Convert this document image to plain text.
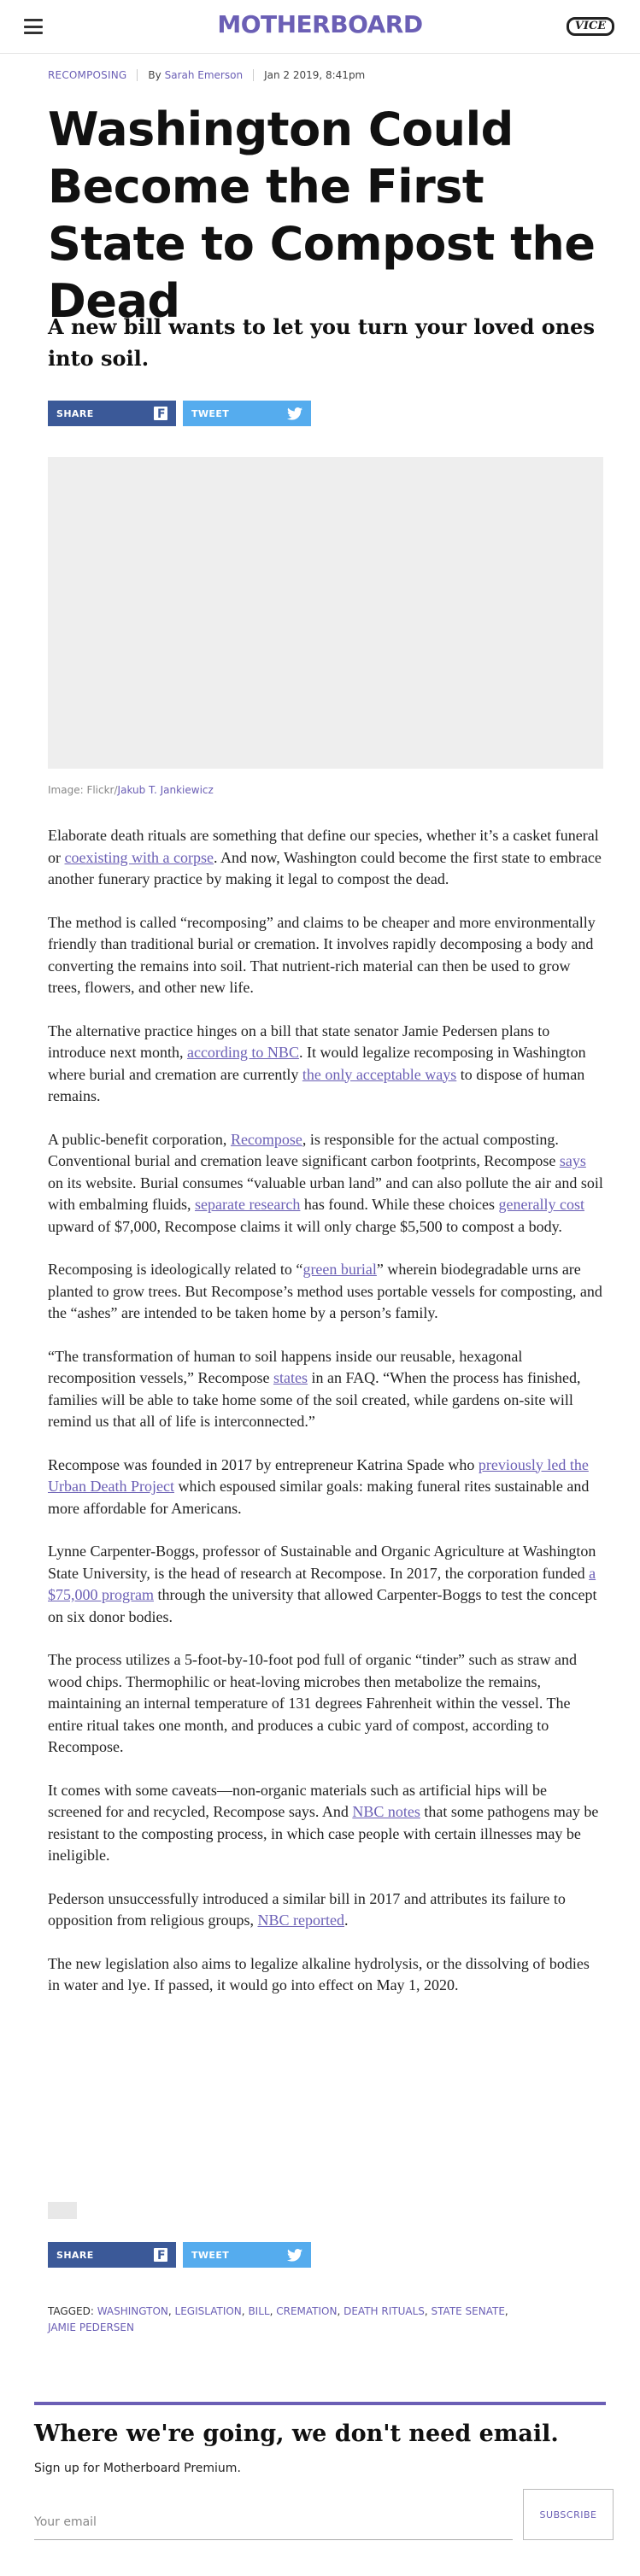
MOTHERBOARD	VICE
RECOMPOSING By
Sarah Emerson Jan 2 2019, 8:41pm
Washington Could Become the First State to Compost the Dead
A new bill wants to let you turn your loved ones into soil.
SHARE	F	TWEET
Image: Flickr/Jakub T. Jankiewicz

Elaborate death rituals are something that define our species, whether it’s a casket funeral or coexisting with a corpse. And now, Washington could become the first state to embrace another funerary practice by making it legal to compost the dead.

The method is called “recomposing” and claims to be cheaper and more environmentally friendly than traditional burial or cremation. It involves rapidly decomposing a body and converting the remains into soil. That nutrient-rich material can then be used to grow trees, flowers, and other new life.

The alternative practice hinges on a bill that state senator Jamie Pedersen plans to introduce next month, according to NBC. It would legalize recomposing in Washington where burial and cremation are currently the only acceptable ways to dispose of human remains.

A public-benefit corporation, Recompose, is responsible for the actual composting. Conventional burial and cremation leave significant carbon footprints, Recompose says on its website. Burial consumes “valuable urban land” and can also pollute the air and soil with embalming fluids, separate research has found. While these choices generally cost upward of $7,000, Recompose claims it will only charge $5,500 to compost a body.

Recomposing is ideologically related to “green burial” wherein biodegradable urns are planted to grow trees. But Recompose’s method uses portable vessels for composting, and the “ashes” are intended to be taken home by a person’s family.

“The transformation of human to soil happens inside our reusable, hexagonal recomposition vessels,” Recompose states in an FAQ. “When the process has finished, families will be able to take home some of the soil created, while gardens on-site will remind us that all of life is interconnected.”

Recompose was founded in 2017 by entrepreneur Katrina Spade who previously led the Urban Death Project which espoused similar goals: making funeral rites sustainable and more affordable for Americans.

Lynne Carpenter-Boggs, professor of Sustainable and Organic Agriculture at Washington State University, is the head of research at Recompose. In 2017, the corporation funded a $75,000 program through the university that allowed Carpenter-Boggs to test the concept on six donor bodies.

The process utilizes a 5-foot-by-10-foot pod full of organic “tinder” such as straw and wood chips. Thermophilic or heat-loving microbes then metabolize the remains, maintaining an internal temperature of 131 degrees Fahrenheit within the vessel. The entire ritual takes one month, and produces a cubic yard of compost, according to Recompose.

It comes with some caveats—non-organic materials such as artificial hips will be screened for and recycled, Recompose says. And NBC notes that some pathogens may be resistant to the composting process, in which case people with certain illnesses may be ineligible.

Pederson unsuccessfully introduced a similar bill in 2017 and attributes its failure to opposition from religious groups, NBC reported.

The new legislation also aims to legalize alkaline hydrolysis, or the dissolving of bodies in water and lye. If passed, it would go into effect on May 1, 2020.

SHARE	F	TWEET
TAGGED: WASHINGTON, LEGISLATION, BILL, CREMATION, DEATH RITUALS, STATE SENATE,
JAMIE PEDERSEN
Where we're going, we don't need email.
Sign up for Motherboard Premium.
Your email
SUBSCRIBE
